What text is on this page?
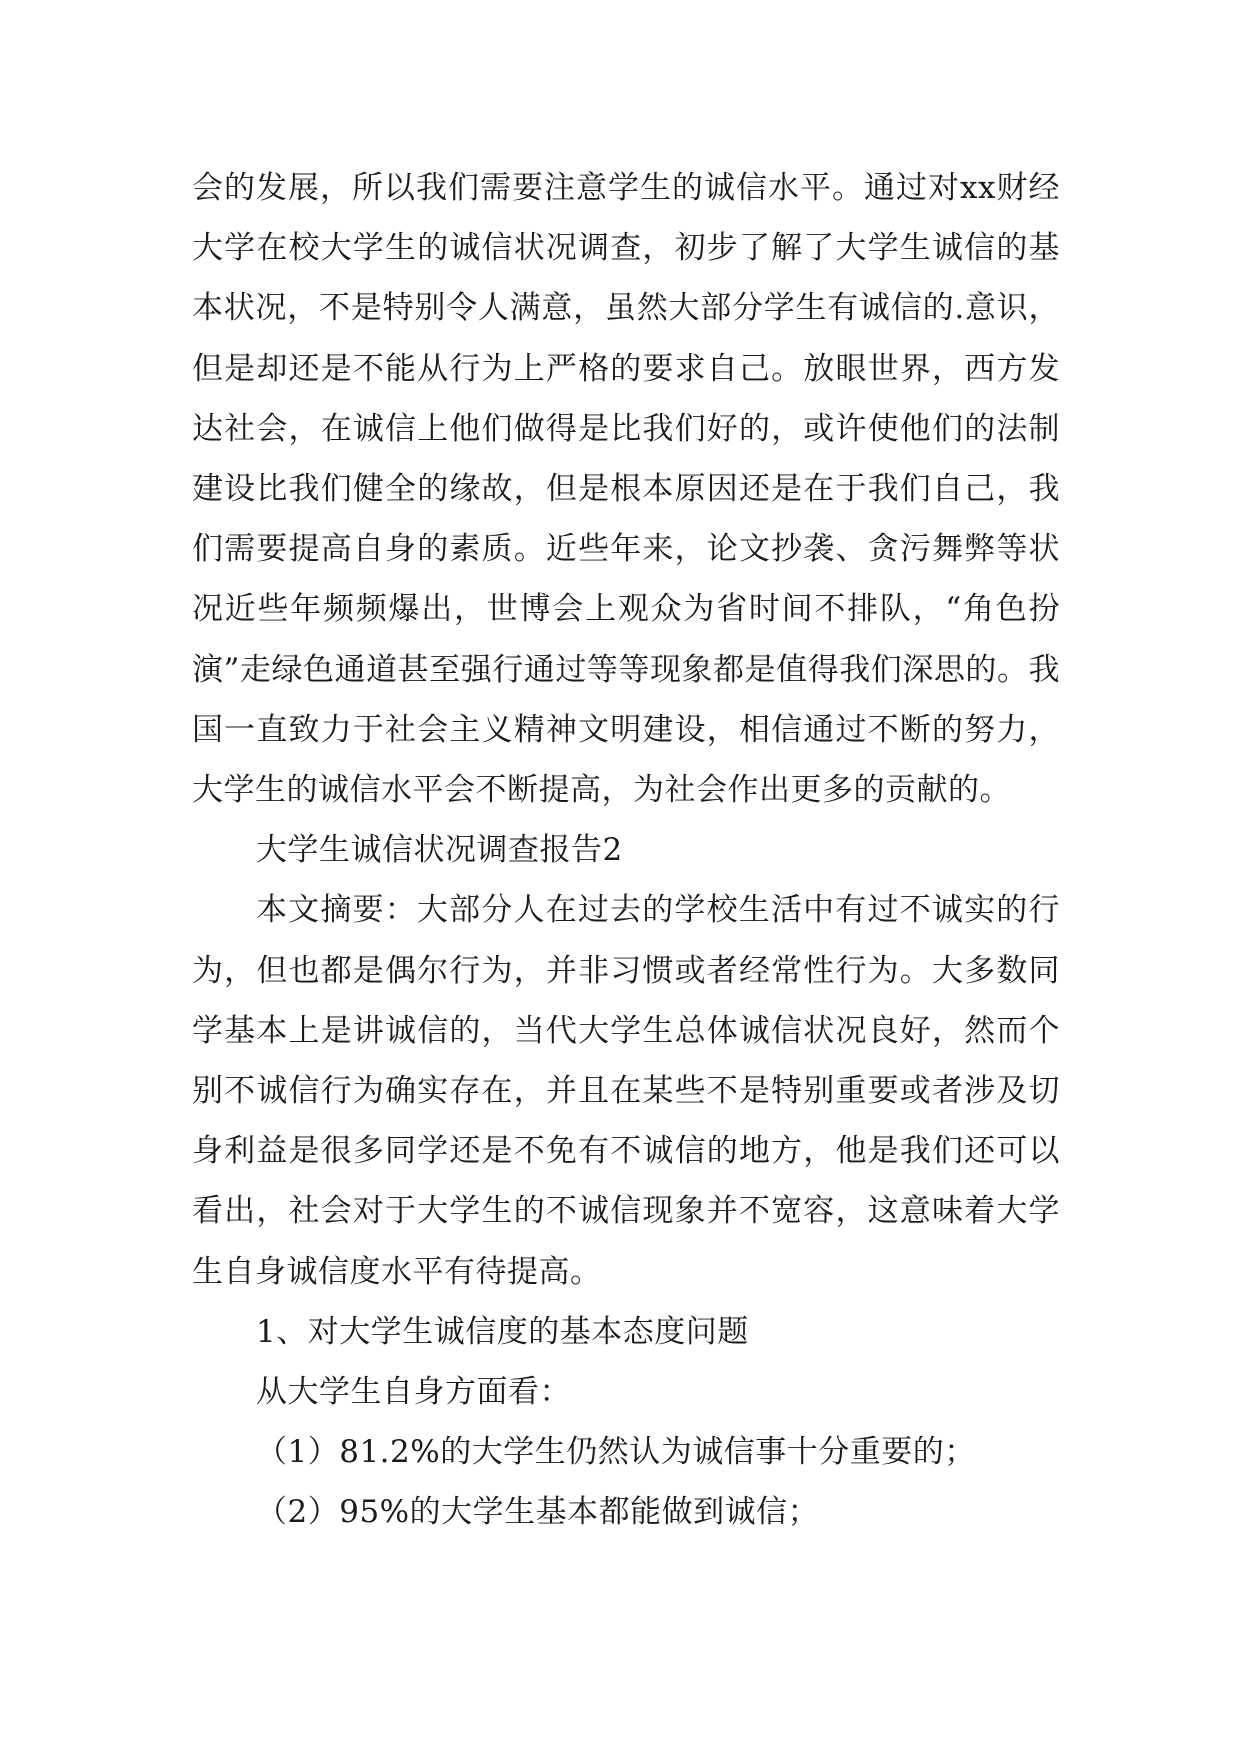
会的发展，所以我们需要注意学生的诚信水平。通过对xx财经大学在校大学生的诚信状况调查，初步了解了大学生诚信的基本状况，不是特别令人满意，虽然大部分学生有诚信的.意识，但是却还是不能从行为上严格的要求自己。放眼世界，西方发达社会，在诚信上他们做得是比我们好的，或许使他们的法制建设比我们健全的缘故，但是根本原因还是在于我们自己，我们需要提高自身的素质。近些年来，论文抄袭、贪污舞弊等状况近些年频频爆出，世博会上观众为省时间不排队，“角色扮演”走绿色通道甚至强行通过等等现象都是值得我们深思的。我国一直致力于社会主义精神文明建设，相信通过不断的努力，大学生的诚信水平会不断提高，为社会作出更多的贡献的。

大学生诚信状况调查报告2

本文摘要：大部分人在过去的学校生活中有过不诚实的行为，但也都是偶尔行为，并非习惯或者经常性行为。大多数同学基本上是讲诚信的，当代大学生总体诚信状况良好，然而个别不诚信行为确实存在，并且在某些不是特别重要或者涉及切身利益是很多同学还是不免有不诚信的地方，他是我们还可以看出，社会对于大学生的不诚信现象并不宽容，这意味着大学生自身诚信度水平有待提高。

1、对大学生诚信度的基本态度问题

从大学生自身方面看：

（1）81.2%的大学生仍然认为诚信事十分重要的；

（2）95%的大学生基本都能做到诚信；
